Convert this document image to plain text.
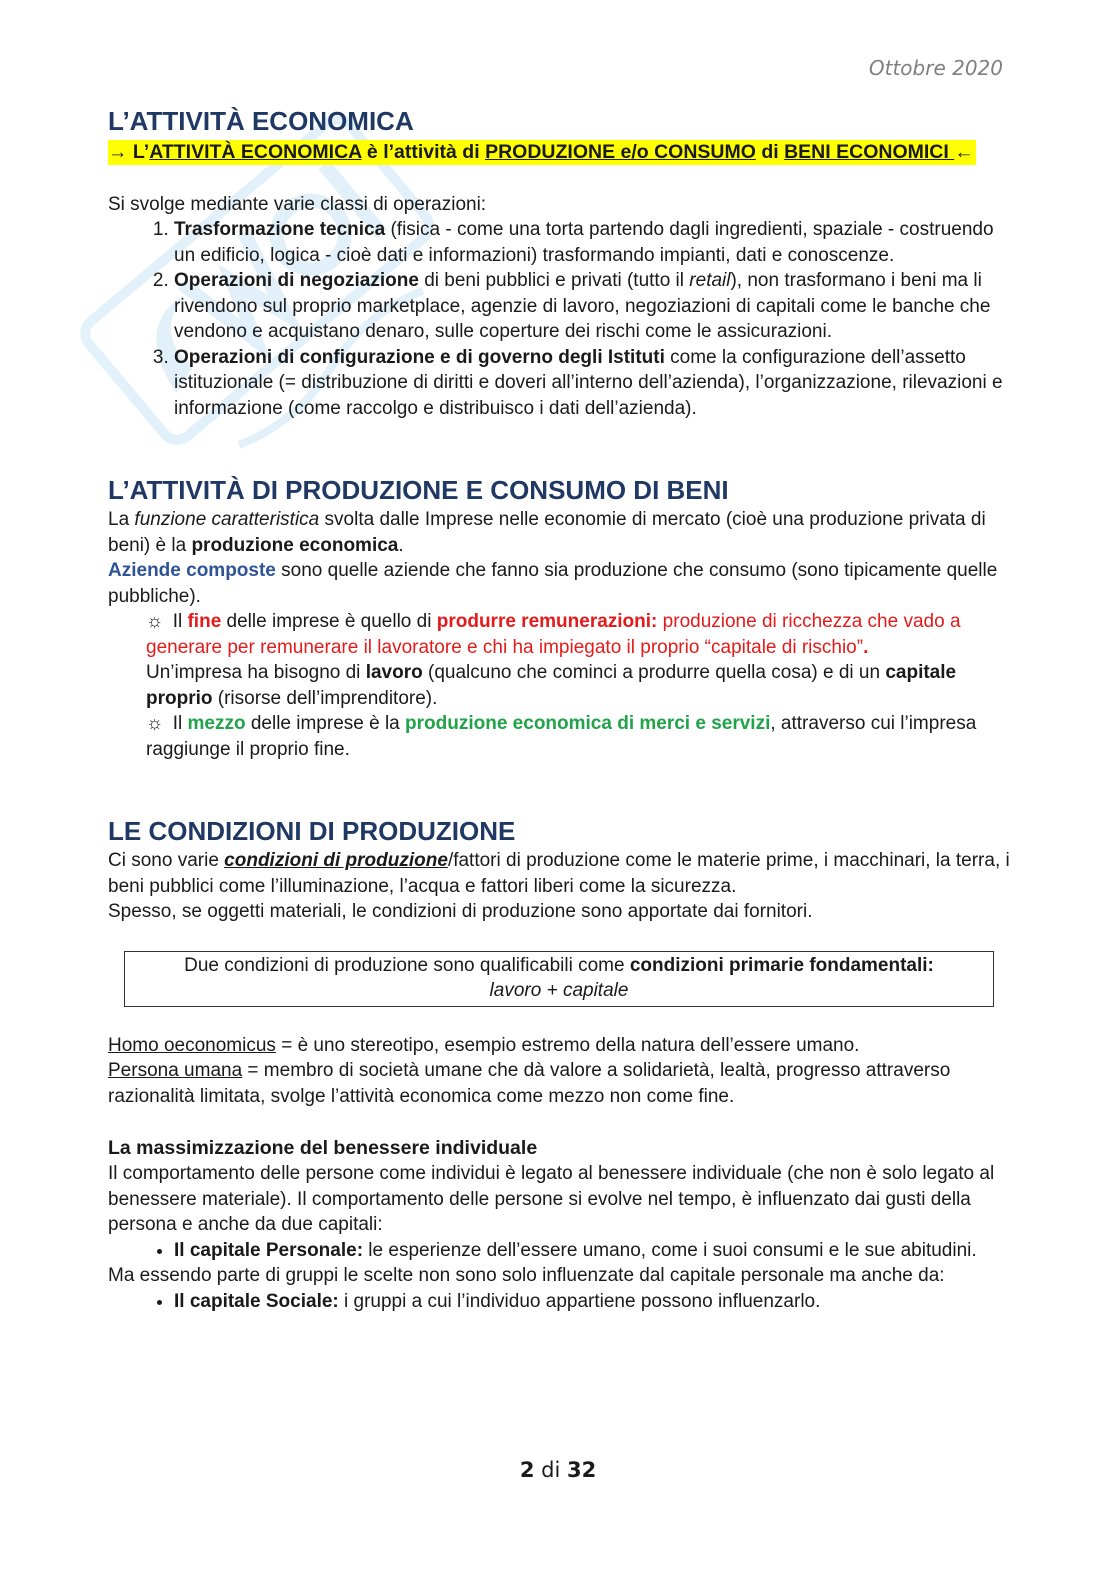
Ottobre 2020
L’ATTIVITÀ ECONOMICA

→ L’ATTIVITÀ ECONOMICA è l’attività di PRODUZIONE e/o CONSUMO di BENI ECONOMICI ←

Si svolge mediante varie classi di operazioni:

1. Trasformazione tecnica (fisica - come una torta partendo dagli ingredienti, spaziale - costruendo un edificio, logica - cioè dati e informazioni) trasformando impianti, dati e conoscenze.
2. Operazioni di negoziazione di beni pubblici e privati (tutto il retail), non trasformano i beni ma li rivendono sul proprio marketplace, agenzie di lavoro, negoziazioni di capitali come le banche che vendono e acquistano denaro, sulle coperture dei rischi come le assicurazioni.
3. Operazioni di configurazione e di governo degli Istituti come la configurazione dell’assetto istituzionale (= distribuzione di diritti e doveri all’interno dell’azienda), l’organizzazione, rilevazioni e informazione (come raccolgo e distribuisco i dati dell’azienda).
L’ATTIVITÀ DI PRODUZIONE E CONSUMO DI BENI

La funzione caratteristica svolta dalle Imprese nelle economie di mercato (cioè una produzione privata di beni) è la produzione economica.

Aziende composte sono quelle aziende che fanno sia produzione che consumo (sono tipicamente quelle pubbliche).

☼ Il fine delle imprese è quello di produrre remunerazioni: produzione di ricchezza che vado a generare per remunerare il lavoratore e chi ha impiegato il proprio “capitale di rischio”.

Un’impresa ha bisogno di lavoro (qualcuno che cominci a produrre quella cosa) e di un capitale proprio (risorse dell’imprenditore).

☼ Il mezzo delle imprese è la produzione economica di merci e servizi, attraverso cui l’impresa raggiunge il proprio fine.

LE CONDIZIONI DI PRODUZIONE

Ci sono varie condizioni di produzione/fattori di produzione come le materie prime, i macchinari, la terra, i beni pubblici come l’illuminazione, l’acqua e fattori liberi come la sicurezza.

Spesso, se oggetti materiali, le condizioni di produzione sono apportate dai fornitori.

Due condizioni di produzione sono qualificabili come condizioni primarie fondamentali:
lavoro + capitale

Homo oeconomicus = è uno stereotipo, esempio estremo della natura dell’essere umano.

Persona umana = membro di società umane che dà valore a solidarietà, lealtà, progresso attraverso razionalità limitata, svolge l’attività economica come mezzo non come fine.

La massimizzazione del benessere individuale

Il comportamento delle persone come individui è legato al benessere individuale (che non è solo legato al benessere materiale). Il comportamento delle persone si evolve nel tempo, è influenzato dai gusti della persona e anche da due capitali:

• Il capitale Personale: le esperienze dell’essere umano, come i suoi consumi e le sue abitudini.

Ma essendo parte di gruppi le scelte non sono solo influenzate dal capitale personale ma anche da:

• Il capitale Sociale: i gruppi a cui l’individuo appartiene possono influenzarlo.
2 di 32
